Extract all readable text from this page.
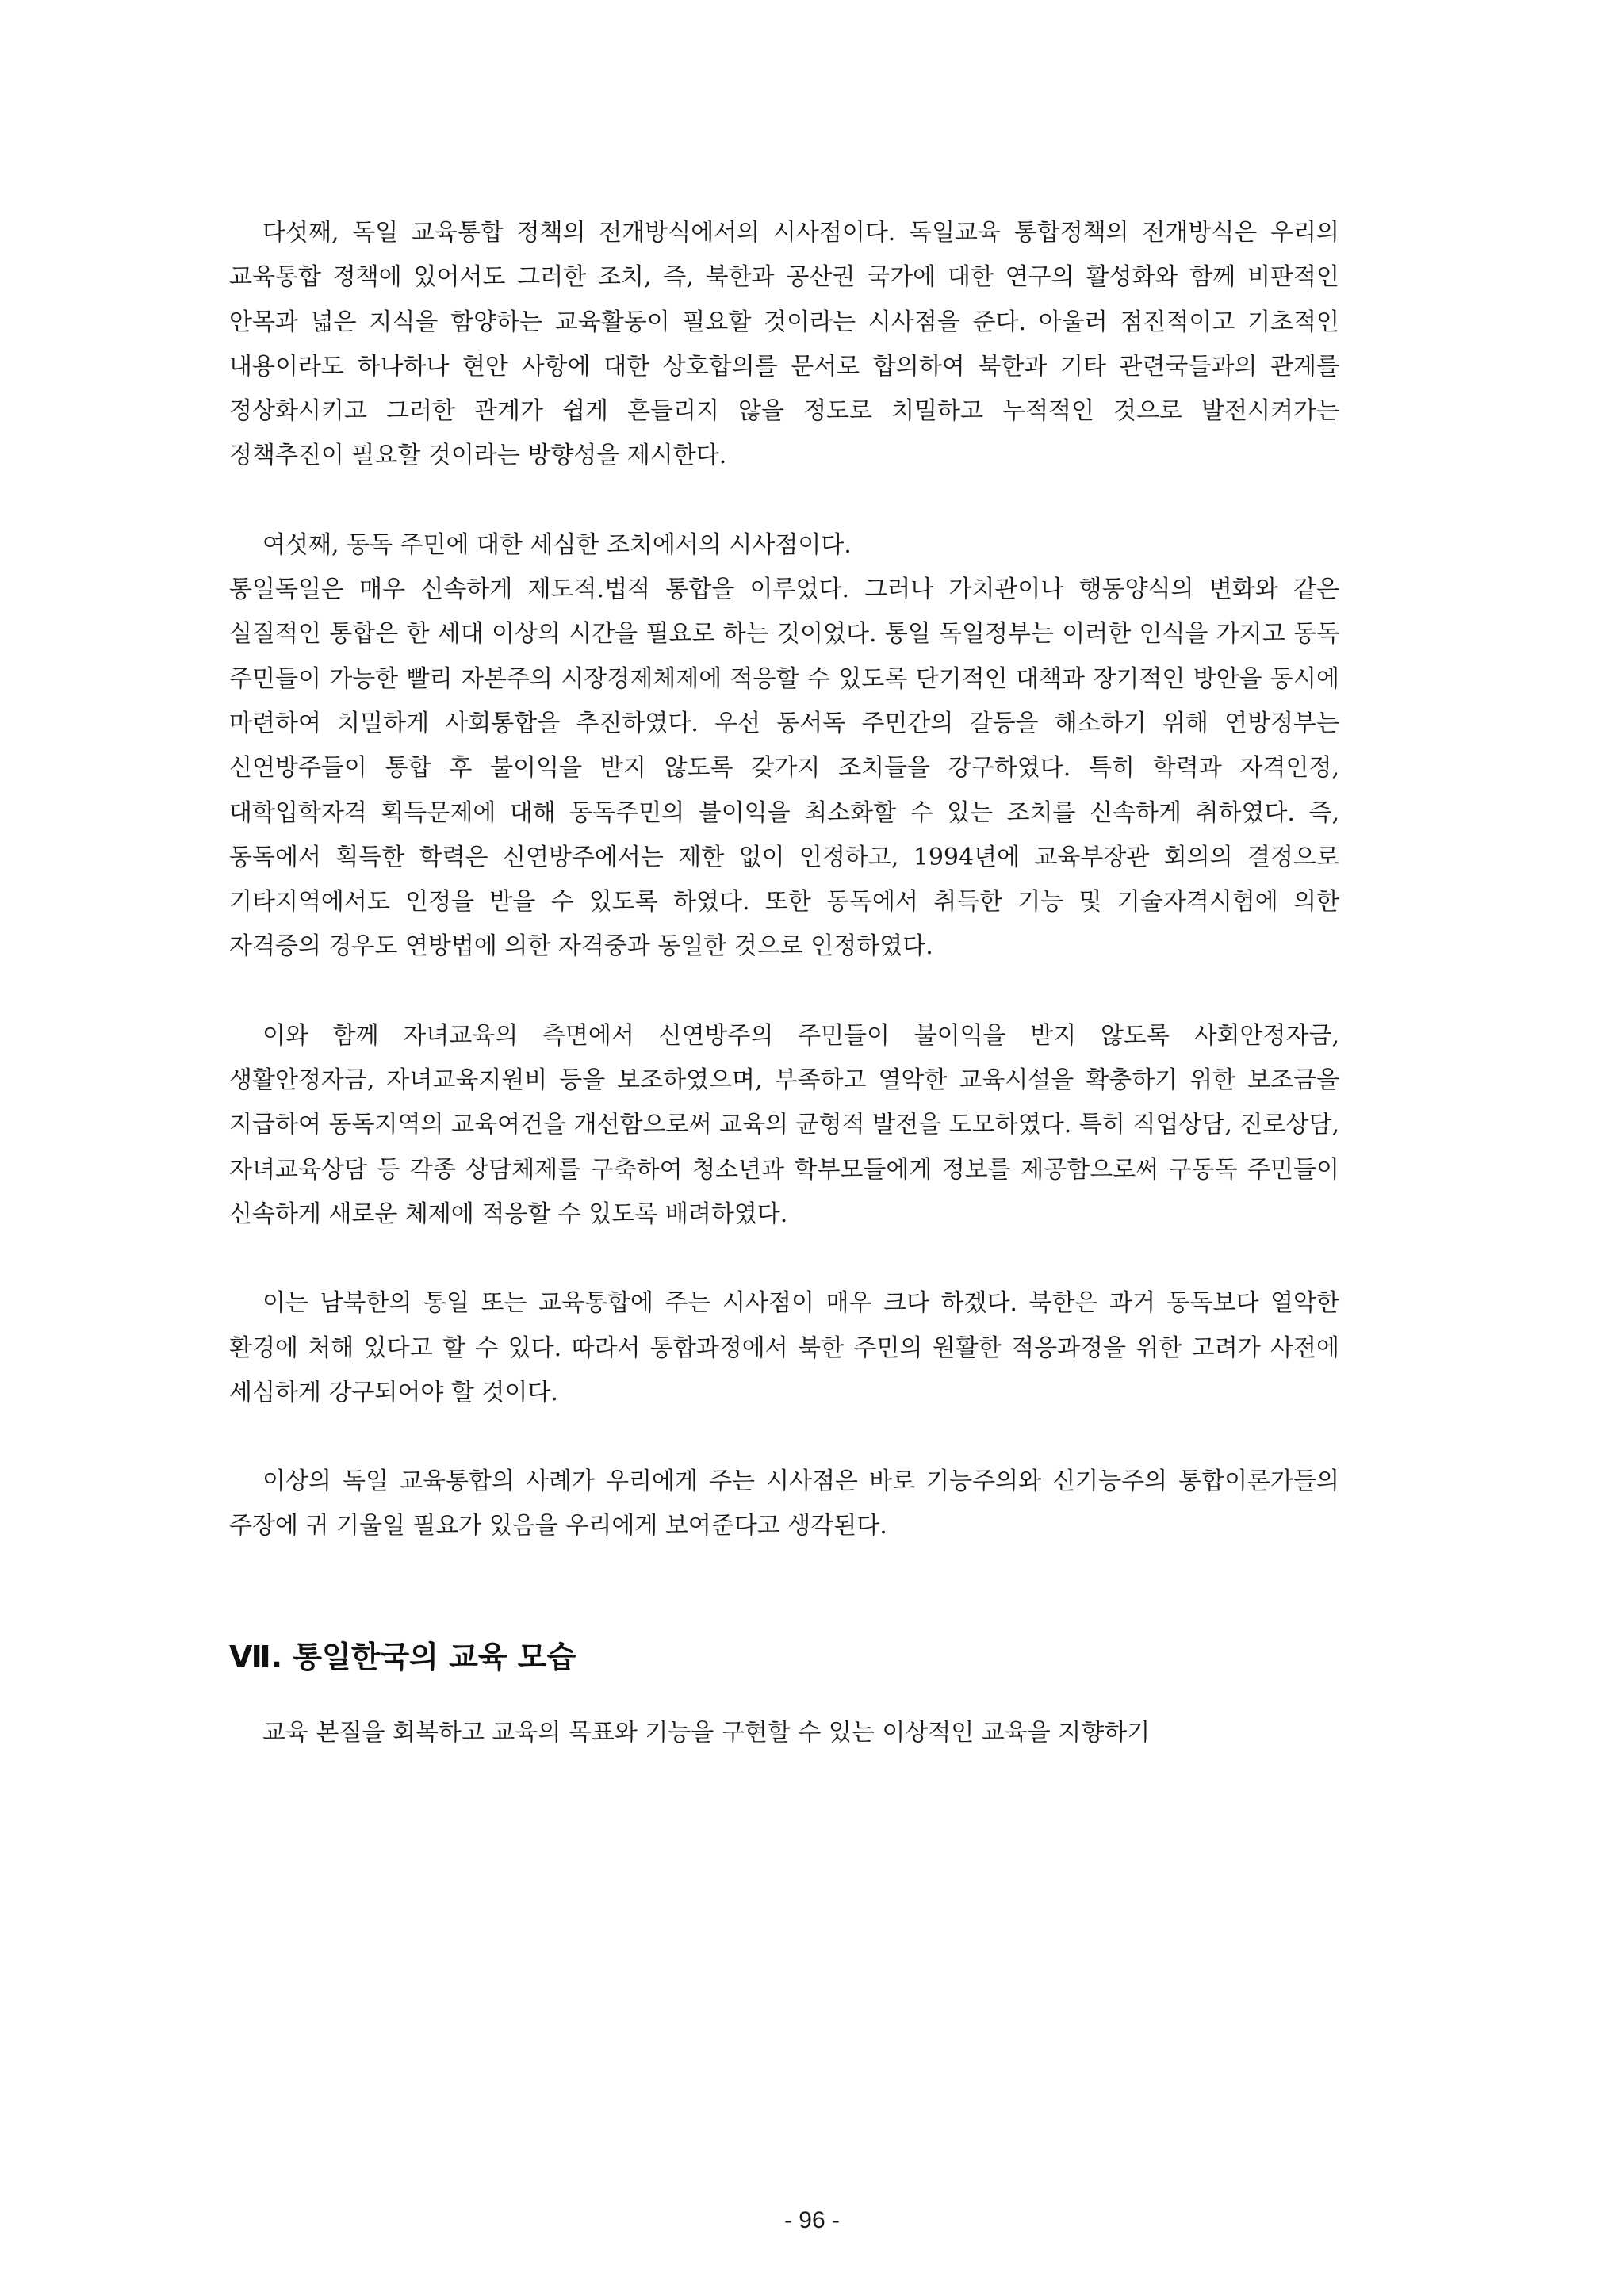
다섯째, 독일 교육통합 정책의 전개방식에서의 시사점이다. 독일교육 통합정책의 전개방식은 우리의 교육통합 정책에 있어서도 그러한 조치, 즉, 북한과 공산권 국가에 대한 연구의 활성화와 함께 비판적인 안목과 넓은 지식을 함양하는 교육활동이 필요할 것이라는 시사점을 준다. 아울러 점진적이고 기초적인 내용이라도 하나하나 현안 사항에 대한 상호합의를 문서로 합의하여 북한과 기타 관련국들과의 관계를 정상화시키고 그러한 관계가 쉽게 흔들리지 않을 정도로 치밀하고 누적적인 것으로 발전시켜가는 정책추진이 필요할 것이라는 방향성을 제시한다.

여섯째, 동독 주민에 대한 세심한 조치에서의 시사점이다.

통일독일은 매우 신속하게 제도적.법적 통합을 이루었다. 그러나 가치관이나 행동양식의 변화와 같은 실질적인 통합은 한 세대 이상의 시간을 필요로 하는 것이었다. 통일 독일정부는 이러한 인식을 가지고 동독 주민들이 가능한 빨리 자본주의 시장경제체제에 적응할 수 있도록 단기적인 대책과 장기적인 방안을 동시에 마련하여 치밀하게 사회통합을 추진하였다. 우선 동서독 주민간의 갈등을 해소하기 위해 연방정부는 신연방주들이 통합 후 불이익을 받지 않도록 갖가지 조치들을 강구하였다. 특히 학력과 자격인정, 대학입학자격 획득문제에 대해 동독주민의 불이익을 최소화할 수 있는 조치를 신속하게 취하였다. 즉, 동독에서 획득한 학력은 신연방주에서는 제한 없이 인정하고, 1994년에 교육부장관 회의의 결정으로 기타지역에서도 인정을 받을 수 있도록 하였다. 또한 동독에서 취득한 기능 및 기술자격시험에 의한 자격증의 경우도 연방법에 의한 자격중과 동일한 것으로 인정하였다.

이와 함께 자녀교육의 측면에서 신연방주의 주민들이 불이익을 받지 않도록 사회안정자금, 생활안정자금, 자녀교육지원비 등을 보조하였으며, 부족하고 열악한 교육시설을 확충하기 위한 보조금을 지급하여 동독지역의 교육여건을 개선함으로써 교육의 균형적 발전을 도모하였다. 특히 직업상담, 진로상담, 자녀교육상담 등 각종 상담체제를 구축하여 청소년과 학부모들에게 정보를 제공함으로써 구동독 주민들이 신속하게 새로운 체제에 적응할 수 있도록 배려하였다.

이는 남북한의 통일 또는 교육통합에 주는 시사점이 매우 크다 하겠다. 북한은 과거 동독보다 열악한 환경에 처해 있다고 할 수 있다. 따라서 통합과정에서 북한 주민의 원활한 적응과정을 위한 고려가 사전에 세심하게 강구되어야 할 것이다.

이상의 독일 교육통합의 사례가 우리에게 주는 시사점은 바로 기능주의와 신기능주의 통합이론가들의 주장에 귀 기울일 필요가 있음을 우리에게 보여준다고 생각된다.

Ⅶ. 통일한국의 교육 모습

교육 본질을 회복하고 교육의 목표와 기능을 구현할 수 있는 이상적인 교육을 지향하기

- 96 -
